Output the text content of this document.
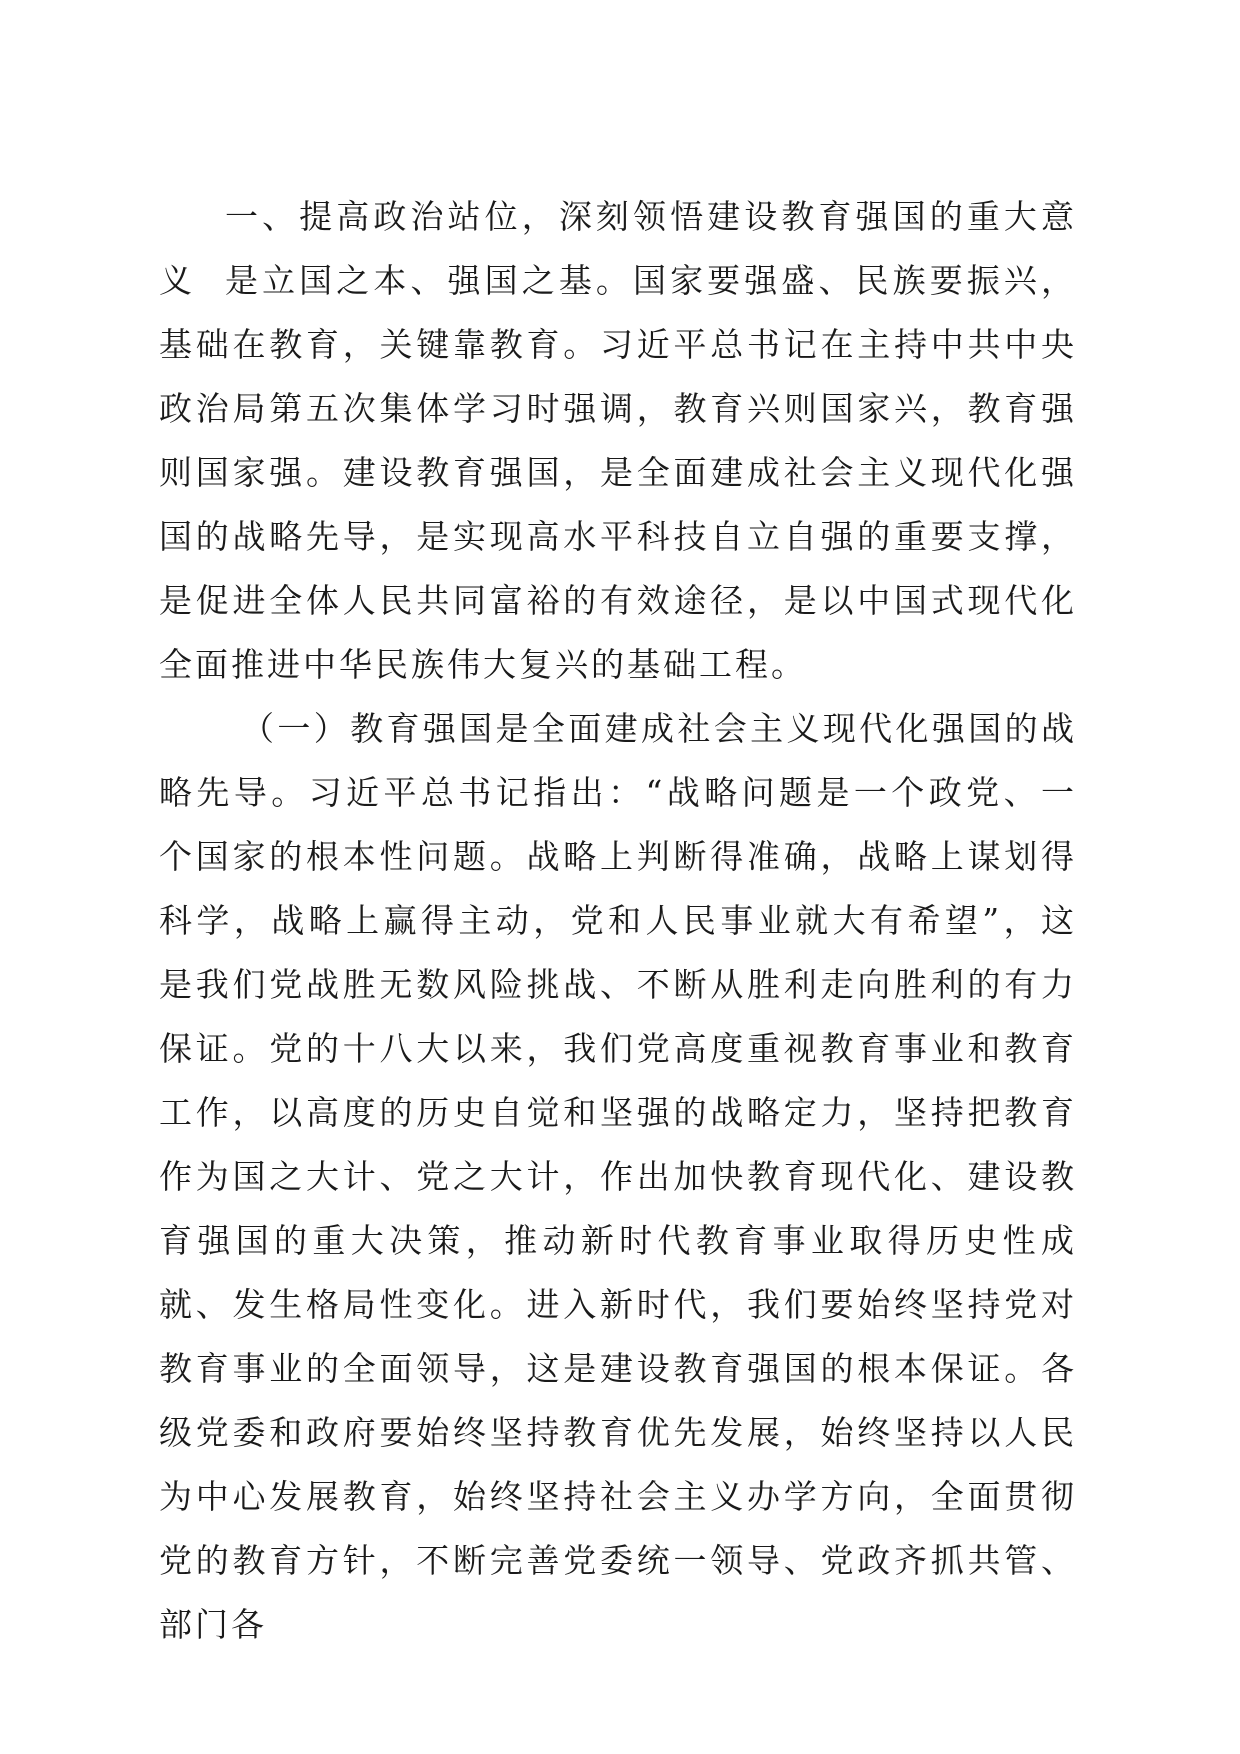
一、提高政治站位，深刻领悟建设教育强国的重大意义 是立国之本、强国之基。国家要强盛、民族要振兴，基础在教育，关键靠教育。习近平总书记在主持中共中央政治局第五次集体学习时强调，教育兴则国家兴，教育强则国家强。建设教育强国，是全面建成社会主义现代化强国的战略先导，是实现高水平科技自立自强的重要支撑，是促进全体人民共同富裕的有效途径，是以中国式现代化全面推进中华民族伟大复兴的基础工程。

（一）教育强国是全面建成社会主义现代化强国的战略先导。习近平总书记指出：“战略问题是一个政党、一个国家的根本性问题。战略上判断得准确，战略上谋划得科学，战略上赢得主动，党和人民事业就大有希望”，这是我们党战胜无数风险挑战、不断从胜利走向胜利的有力保证。党的十八大以来，我们党高度重视教育事业和教育工作，以高度的历史自觉和坚强的战略定力，坚持把教育作为国之大计、党之大计，作出加快教育现代化、建设教育强国的重大决策，推动新时代教育事业取得历史性成就、发生格局性变化。进入新时代，我们要始终坚持党对教育事业的全面领导，这是建设教育强国的根本保证。各级党委和政府要始终坚持教育优先发展，始终坚持以人民为中心发展教育，始终坚持社会主义办学方向，全面贯彻党的教育方针，不断完善党委统一领导、党政齐抓共管、部门各
